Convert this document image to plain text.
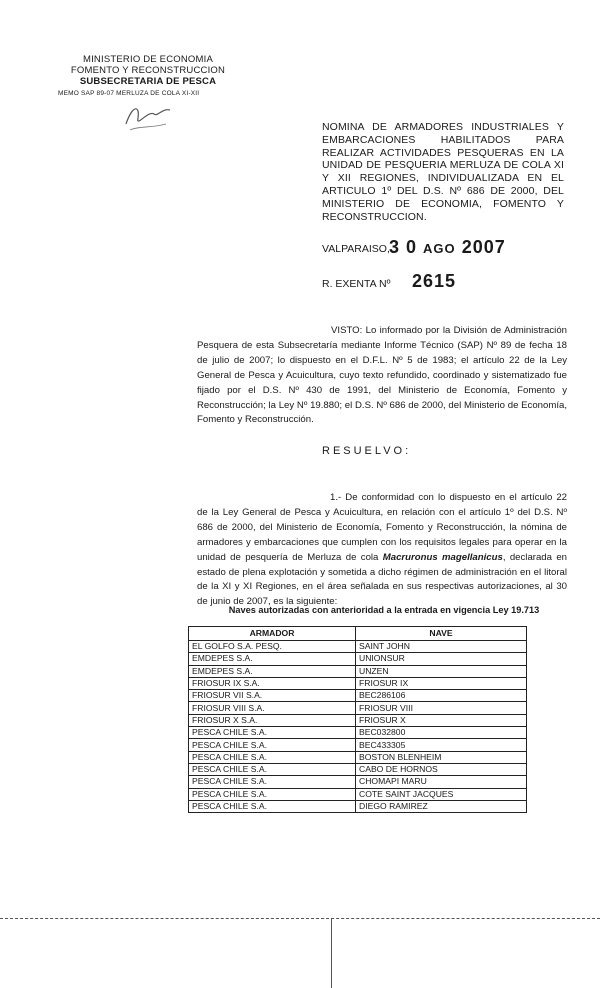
MINISTERIO DE ECONOMIA
FOMENTO Y RECONSTRUCCION
SUBSECRETARIA DE PESCA
MEMO SAP 89-07 MERLUZA DE COLA XI-XII
NOMINA DE ARMADORES INDUSTRIALES Y EMBARCACIONES HABILITADOS PARA REALIZAR ACTIVIDADES PESQUERAS EN LA UNIDAD DE PESQUERIA MERLUZA DE COLA XI Y XII REGIONES, INDIVIDUALIZADA EN EL ARTICULO 1º DEL D.S. Nº 686 DE 2000, DEL MINISTERIO DE ECONOMIA, FOMENTO Y RECONSTRUCCION.
VALPARAISO, 3 0 AGO 2007
R. EXENTA Nº 2615
VISTO: Lo informado por la División de Administración Pesquera de esta Subsecretaría mediante Informe Técnico (SAP) Nº 89 de fecha 18 de julio de 2007; lo dispuesto en el D.F.L. Nº 5 de 1983; el artículo 22 de la Ley General de Pesca y Acuicultura, cuyo texto refundido, coordinado y sistematizado fue fijado por el D.S. Nº 430 de 1991, del Ministerio de Economía, Fomento y Reconstrucción; la Ley Nº 19.880; el D.S. Nº 686 de 2000, del Ministerio de Economía, Fomento y Reconstrucción.
RESUELVO:
1.- De conformidad con lo dispuesto en el artículo 22 de la Ley General de Pesca y Acuicultura, en relación con el artículo 1º del D.S. Nº 686 de 2000, del Ministerio de Economía, Fomento y Reconstrucción, la nómina de armadores y embarcaciones que cumplen con los requisitos legales para operar en la unidad de pesquería de Merluza de cola Macruronus magellanicus, declarada en estado de plena explotación y sometida a dicho régimen de administración en el litoral de la XI y XI Regiones, en el área señalada en sus respectivas autorizaciones, al 30 de junio de 2007, es la siguiente:
Naves autorizadas con anterioridad a la entrada en vigencia Ley 19.713
ARMADOR	NAVE
EL GOLFO S.A. PESQ.	SAINT JOHN
EMDEPES S.A.	UNIONSUR
EMDEPES S.A.	UNZEN
FRIOSUR IX S.A.	FRIOSUR IX
FRIOSUR VII S.A.	BEC286106
FRIOSUR VIII S.A.	FRIOSUR VIII
FRIOSUR X S.A.	FRIOSUR X
PESCA CHILE S.A.	BEC032800
PESCA CHILE S.A.	BEC433305
PESCA CHILE S.A.	BOSTON BLENHEIM
PESCA CHILE S.A.	CABO DE HORNOS
PESCA CHILE S.A.	CHOMAPI MARU
PESCA CHILE S.A.	COTE SAINT JACQUES
PESCA CHILE S.A.	DIEGO RAMIREZ
